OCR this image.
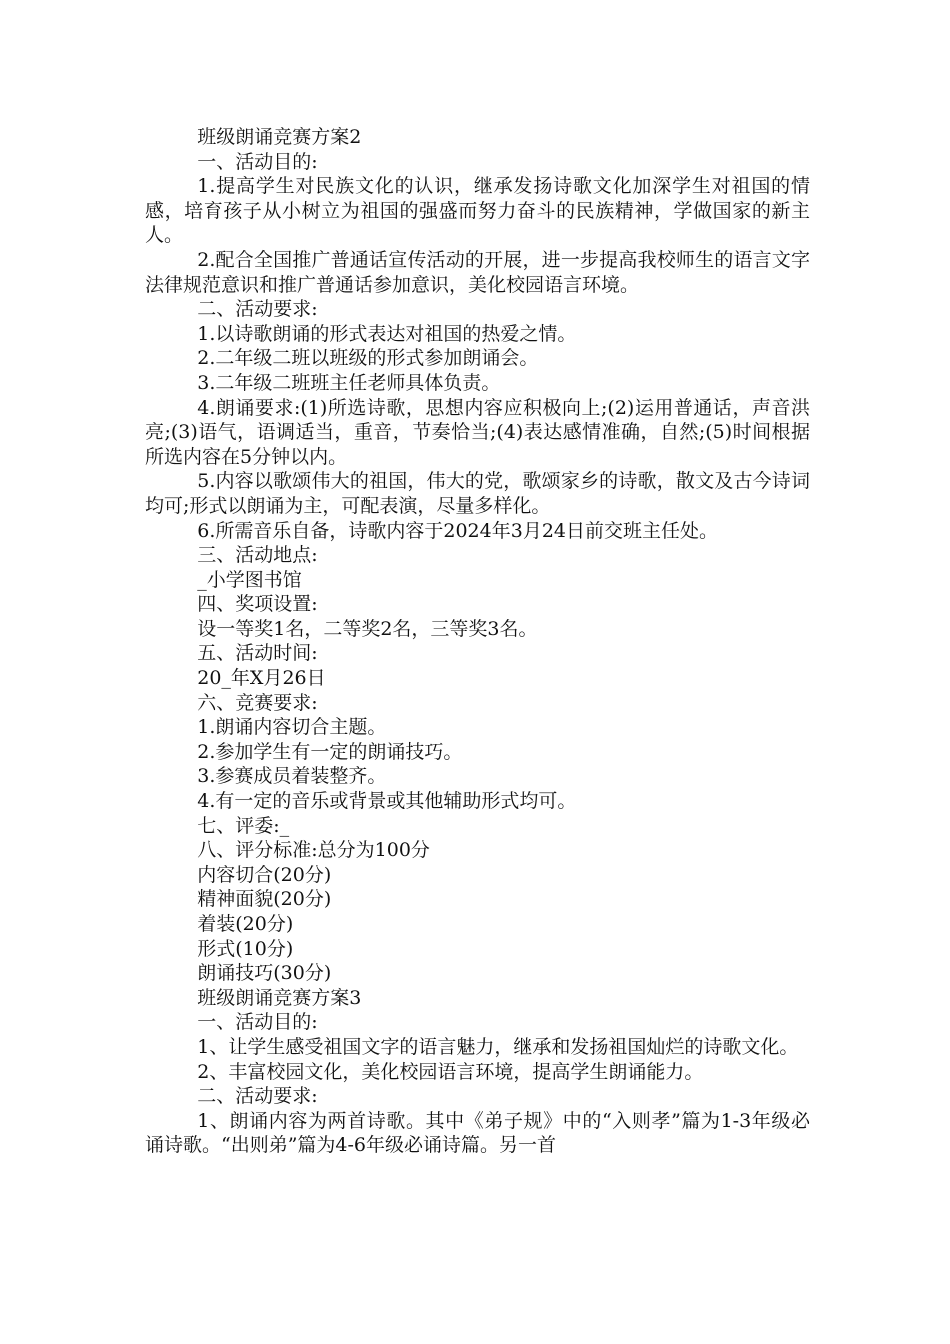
班级朗诵竞赛方案2

一、活动目的:

1.提高学生对民族文化的认识，继承发扬诗歌文化加深学生对祖国的情感，培育孩子从小树立为祖国的强盛而努力奋斗的民族精神，学做国家的新主人。

2.配合全国推广普通话宣传活动的开展，进一步提高我校师生的语言文字法律规范意识和推广普通话参加意识，美化校园语言环境。

二、活动要求:

1.以诗歌朗诵的形式表达对祖国的热爱之情。

2.二年级二班以班级的形式参加朗诵会。

3.二年级二班班主任老师具体负责。

4.朗诵要求:(1)所选诗歌，思想内容应积极向上;(2)运用普通话，声音洪亮;(3)语气，语调适当，重音，节奏恰当;(4)表达感情准确，自然;(5)时间根据所选内容在5分钟以内。

5.内容以歌颂伟大的祖国，伟大的党，歌颂家乡的诗歌，散文及古今诗词均可;形式以朗诵为主，可配表演，尽量多样化。

6.所需音乐自备，诗歌内容于2024年3月24日前交班主任处。

三、活动地点:

_小学图书馆

四、奖项设置:

设一等奖1名，二等奖2名，三等奖3名。

五、活动时间:

20_年X月26日

六、竞赛要求:

1.朗诵内容切合主题。

2.参加学生有一定的朗诵技巧。

3.参赛成员着装整齐。

4.有一定的音乐或背景或其他辅助形式均可。

七、评委:_

八、评分标准:总分为100分

内容切合(20分)

精神面貌(20分)

着装(20分)

形式(10分)

朗诵技巧(30分)

班级朗诵竞赛方案3

一、活动目的:

1、让学生感受祖国文字的语言魅力，继承和发扬祖国灿烂的诗歌文化。

2、丰富校园文化，美化校园语言环境，提高学生朗诵能力。

二、活动要求:

1、朗诵内容为两首诗歌。其中《弟子规》中的“入则孝”篇为1-3年级必诵诗歌。“出则弟”篇为4-6年级必诵诗篇。另一首
